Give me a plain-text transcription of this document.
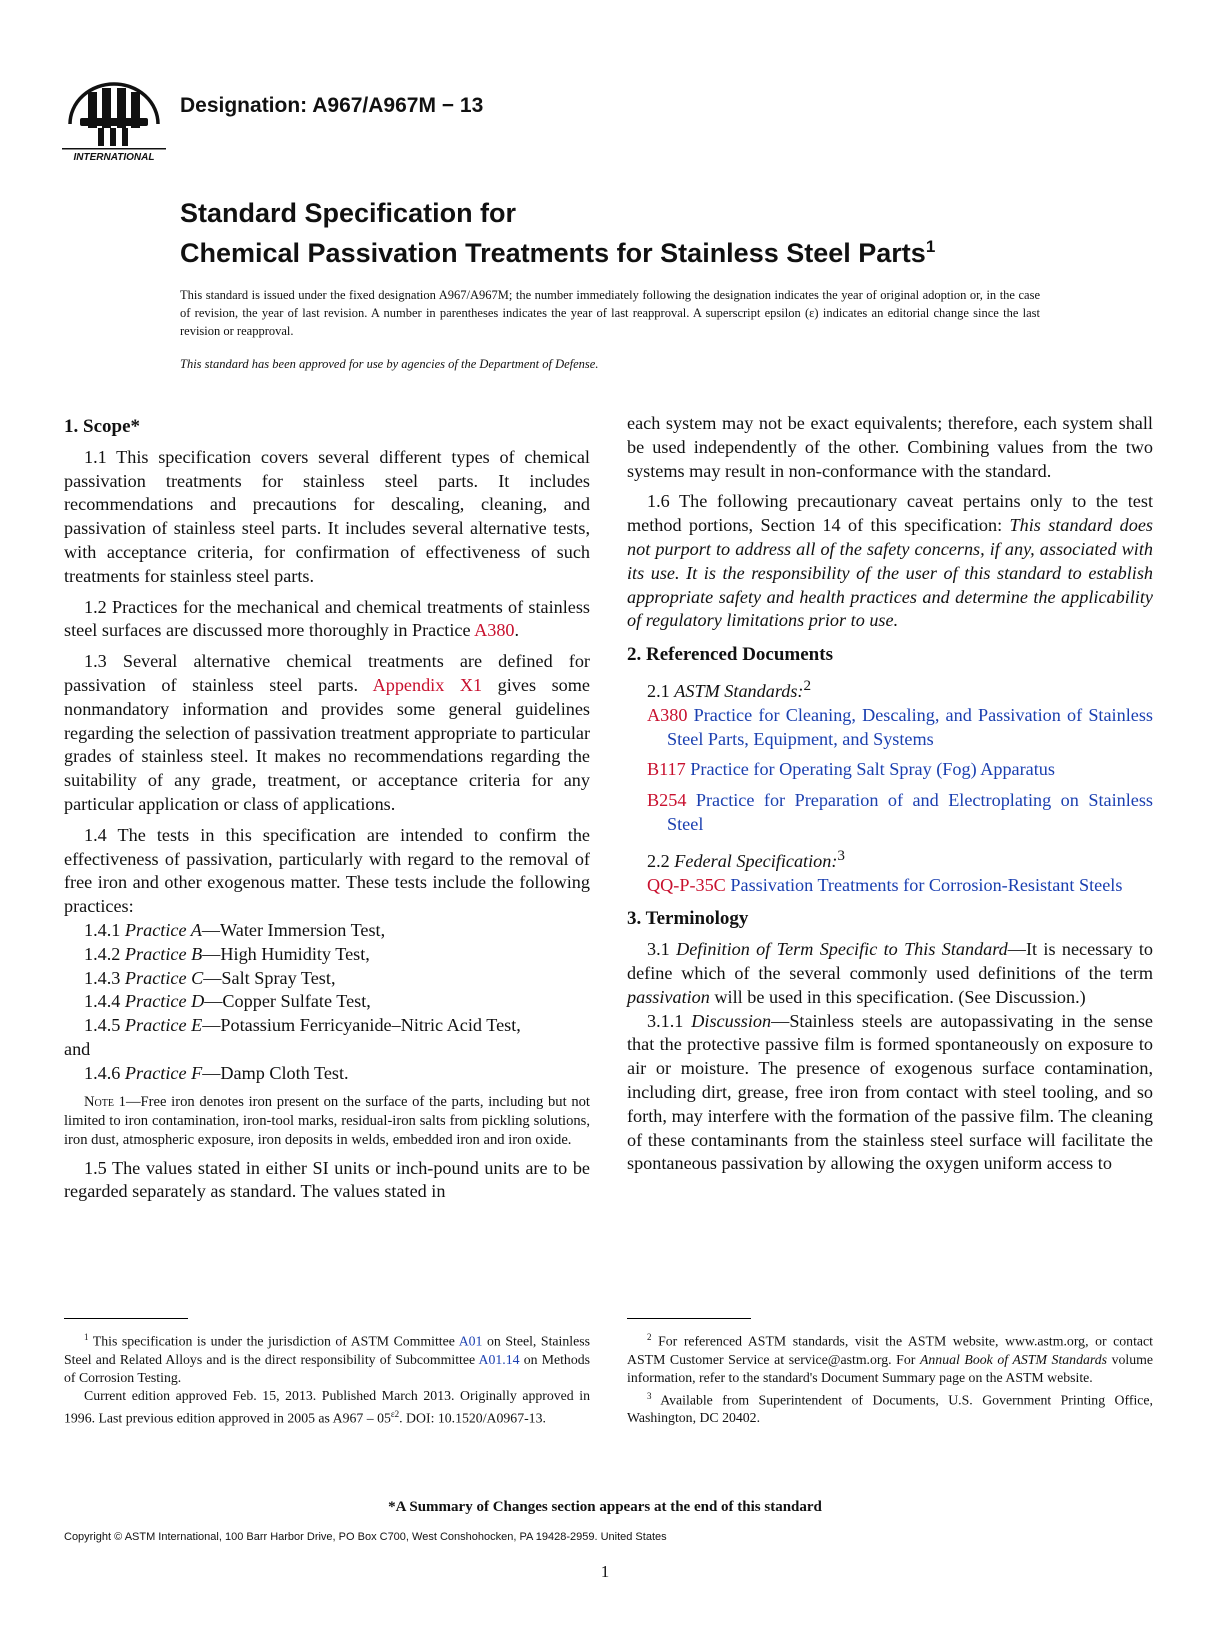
INTERNATIONAL
Designation: A967/A967M − 13
Standard Specification for
Chemical Passivation Treatments for Stainless Steel Parts$^1$
This standard is issued under the fixed designation A967/A967M; the number immediately following the designation indicates the year of original adoption or, in the case of revision, the year of last revision. A number in parentheses indicates the year of last reapproval. A superscript epsilon (ε) indicates an editorial change since the last revision or reapproval.
This standard has been approved for use by agencies of the Department of Defense.
1. Scope*

1.1 This specification covers several different types of chemical passivation treatments for stainless steel parts. It includes recommendations and precautions for descaling, cleaning, and passivation of stainless steel parts. It includes several alternative tests, with acceptance criteria, for confirmation of effectiveness of such treatments for stainless steel parts.

1.2 Practices for the mechanical and chemical treatments of stainless steel surfaces are discussed more thoroughly in Practice A380.

1.3 Several alternative chemical treatments are defined for passivation of stainless steel parts. Appendix X1 gives some nonmandatory information and provides some general guidelines regarding the selection of passivation treatment appropriate to particular grades of stainless steel. It makes no recommendations regarding the suitability of any grade, treatment, or acceptance criteria for any particular application or class of applications.

1.4 The tests in this specification are intended to confirm the effectiveness of passivation, particularly with regard to the removal of free iron and other exogenous matter. These tests include the following practices:

1.4.1 Practice A—Water Immersion Test,
1.4.2 Practice B—High Humidity Test,
1.4.3 Practice C—Salt Spray Test,
1.4.4 Practice D—Copper Sulfate Test,
1.4.5 Practice E—Potassium Ferricyanide–Nitric Acid Test,
and
1.4.6 Practice F—Damp Cloth Test.

Note 1—Free iron denotes iron present on the surface of the parts, including but not limited to iron contamination, iron-tool marks, residual-iron salts from pickling solutions, iron dust, atmospheric exposure, iron deposits in welds, embedded iron and iron oxide.

1.5 The values stated in either SI units or inch-pound units are to be regarded separately as standard. The values stated in

each system may not be exact equivalents; therefore, each system shall be used independently of the other. Combining values from the two systems may result in non-conformance with the standard.

1.6 The following precautionary caveat pertains only to the test method portions, Section 14 of this specification: This standard does not purport to address all of the safety concerns, if any, associated with its use. It is the responsibility of the user of this standard to establish appropriate safety and health practices and determine the applicability of regulatory limitations prior to use.

2. Referenced Documents

2.1 ASTM Standards:$^2$

A380 Practice for Cleaning, Descaling, and Passivation of Stainless Steel Parts, Equipment, and Systems

B117 Practice for Operating Salt Spray (Fog) Apparatus

B254 Practice for Preparation of and Electroplating on Stainless Steel

2.2 Federal Specification:$^3$

QQ-P-35C Passivation Treatments for Corrosion-Resistant Steels

3. Terminology

3.1 Definition of Term Specific to This Standard—It is necessary to define which of the several commonly used definitions of the term passivation will be used in this specification. (See Discussion.)

3.1.1 Discussion—Stainless steels are autopassivating in the sense that the protective passive film is formed spontaneously on exposure to air or moisture. The presence of exogenous surface contamination, including dirt, grease, free iron from contact with steel tooling, and so forth, may interfere with the formation of the passive film. The cleaning of these contaminants from the stainless steel surface will facilitate the spontaneous passivation by allowing the oxygen uniform access to

$^1$ This specification is under the jurisdiction of ASTM Committee A01 on Steel, Stainless Steel and Related Alloys and is the direct responsibility of Subcommittee A01.14 on Methods of Corrosion Testing.

Current edition approved Feb. 15, 2013. Published March 2013. Originally approved in 1996. Last previous edition approved in 2005 as $A967 - 05^{\varepsilon 2}$. DOI: 10.1520/A0967-13.

$^2$ For referenced ASTM standards, visit the ASTM website, www.astm.org, or contact ASTM Customer Service at service@astm.org. For Annual Book of ASTM Standards volume information, refer to the standard's Document Summary page on the ASTM website.

$^3$ Available from Superintendent of Documents, U.S. Government Printing Office, Washington, DC 20402.

*A Summary of Changes section appears at the end of this standard
Copyright © ASTM International, 100 Barr Harbor Drive, PO Box C700, West Conshohocken, PA 19428-2959. United States
1
